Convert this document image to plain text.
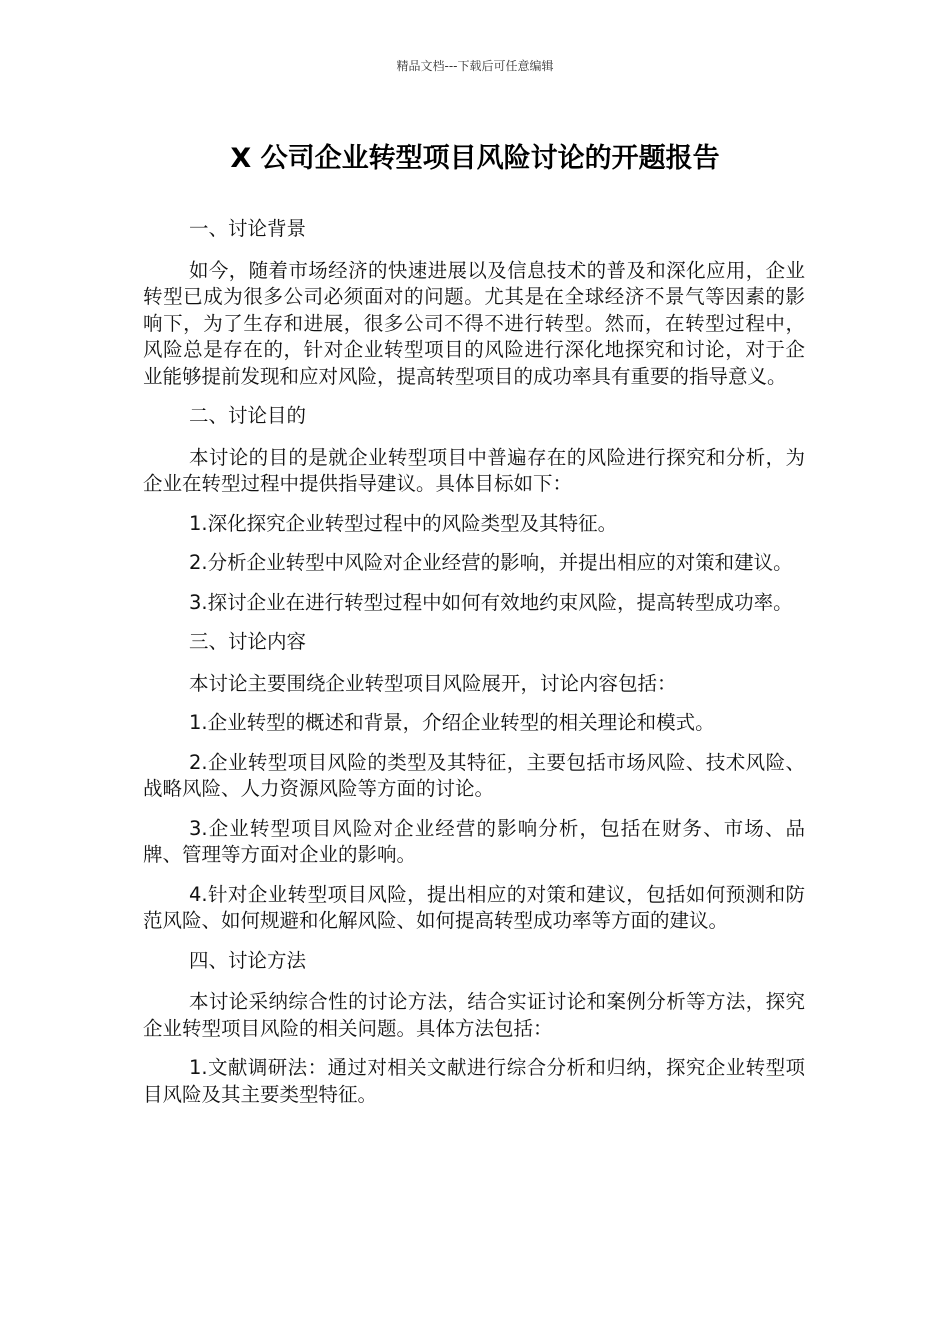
精品文档---下载后可任意编辑
X 公司企业转型项目风险讨论的开题报告

一、讨论背景

如今，随着市场经济的快速进展以及信息技术的普及和深化应用，企业转型已成为很多公司必须面对的问题。尤其是在全球经济不景气等因素的影响下，为了生存和进展，很多公司不得不进行转型。然而，在转型过程中，风险总是存在的，针对企业转型项目的风险进行深化地探究和讨论，对于企业能够提前发现和应对风险，提高转型项目的成功率具有重要的指导意义。

二、讨论目的

本讨论的目的是就企业转型项目中普遍存在的风险进行探究和分析，为企业在转型过程中提供指导建议。具体目标如下：

1.深化探究企业转型过程中的风险类型及其特征。

2.分析企业转型中风险对企业经营的影响，并提出相应的对策和建议。

3.探讨企业在进行转型过程中如何有效地约束风险，提高转型成功率。

三、讨论内容

本讨论主要围绕企业转型项目风险展开，讨论内容包括：

1.企业转型的概述和背景，介绍企业转型的相关理论和模式。

2.企业转型项目风险的类型及其特征，主要包括市场风险、技术风险、战略风险、人力资源风险等方面的讨论。

3.企业转型项目风险对企业经营的影响分析，包括在财务、市场、品牌、管理等方面对企业的影响。

4.针对企业转型项目风险，提出相应的对策和建议，包括如何预测和防范风险、如何规避和化解风险、如何提高转型成功率等方面的建议。

四、讨论方法

本讨论采纳综合性的讨论方法，结合实证讨论和案例分析等方法，探究企业转型项目风险的相关问题。具体方法包括：

1.文献调研法：通过对相关文献进行综合分析和归纳，探究企业转型项目风险及其主要类型特征。
